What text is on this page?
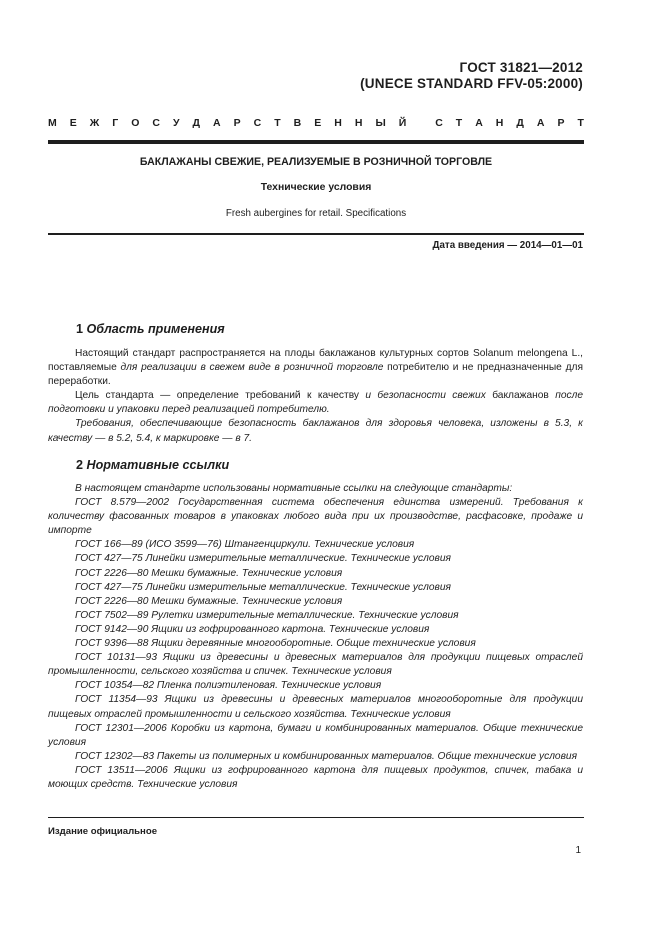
ГОСТ 31821—2012
(UNECE STANDARD FFV-05:2000)
М Е Ж Г О С У Д А Р С Т В Е Н Н Ы Й
	С Т А Н Д А Р Т
БАКЛАЖАНЫ СВЕЖИЕ, РЕАЛИЗУЕМЫЕ В РОЗНИЧНОЙ ТОРГОВЛЕ
Технические условия
Fresh aubergines for retail. Specifications
Дата введения — 2014—01—01
1 Область применения

Настоящий стандарт распространяется на плоды баклажанов культурных сортов Solanum melongena L., поставляемые для реализации в свежем виде в розничной торговле потребителю и не предназначенные для переработки.

Цель стандарта — определение требований к качеству и безопасности свежих баклажанов после подготовки и упаковки перед реализацией потребителю.

Требования, обеспечивающие безопасность баклажанов для здоровья человека, изложены в 5.3, к качеству — в 5.2, 5.4, к маркировке — в 7.

2 Нормативные ссылки

В настоящем стандарте использованы нормативные ссылки на следующие стандарты:

ГОСТ 8.579—2002 Государственная система обеспечения единства измерений. Требования к количеству фасованных товаров в упаковках любого вида при их производстве, расфасовке, продаже и импорте

ГОСТ 166—89 (ИСО 3599—76) Штангенциркули. Технические условия

ГОСТ 427—75 Линейки измерительные металлические. Технические условия

ГОСТ 2226—80 Мешки бумажные. Технические условия

ГОСТ 427—75 Линейки измерительные металлические. Технические условия

ГОСТ 2226—80 Мешки бумажные. Технические условия

ГОСТ 7502—89 Рулетки измерительные металлические. Технические условия

ГОСТ 9142—90 Ящики из гофрированного картона. Технические условия

ГОСТ 9396—88 Ящики деревянные многооборотные. Общие технические условия

ГОСТ 10131—93 Ящики из древесины и древесных материалов для продукции пищевых отраслей промышленности, сельского хозяйства и спичек. Технические условия

ГОСТ 10354—82 Пленка полиэтиленовая. Технические условия

ГОСТ 11354—93 Ящики из древесины и древесных материалов многооборотные для продукции пищевых отраслей промышленности и сельского хозяйства. Технические условия

ГОСТ 12301—2006 Коробки из картона, бумаги и комбинированных материалов. Общие технические условия

ГОСТ 12302—83 Пакеты из полимерных и комбинированных материалов. Общие технические условия

ГОСТ 13511—2006 Ящики из гофрированного картона для пищевых продуктов, спичек, табака и моющих средств. Технические условия

Издание официальное
1
